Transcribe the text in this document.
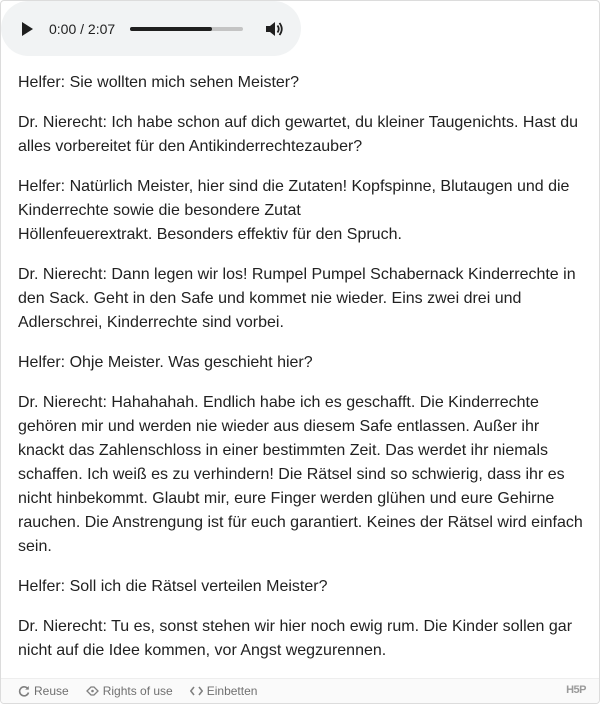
0:00 / 2:07

Helfer: Sie wollten mich sehen Meister?

Dr. Nierecht: Ich habe schon auf dich gewartet, du kleiner Taugenichts. Hast du alles vorbereitet für den Antikinderrechtezauber?

Helfer: Natürlich Meister, hier sind die Zutaten! Kopfspinne, Blutaugen und die Kinderrechte sowie die besondere Zutat
Höllenfeuerextrakt. Besonders effektiv für den Spruch.

Dr. Nierecht: Dann legen wir los! Rumpel Pumpel Schabernack Kinderrechte in den Sack. Geht in den Safe und kommet nie wieder. Eins zwei drei und Adlerschrei, Kinderrechte sind vorbei.

Helfer: Ohje Meister. Was geschieht hier?

Dr. Nierecht: Hahahahah. Endlich habe ich es geschafft. Die Kinderrechte gehören mir und werden nie wieder aus diesem Safe entlassen. Außer ihr knackt das Zahlenschloss in einer bestimmten Zeit. Das werdet ihr niemals schaffen. Ich weiß es zu verhindern! Die Rätsel sind so schwierig, dass ihr es nicht hinbekommt. Glaubt mir, eure Finger werden glühen und eure Gehirne rauchen. Die Anstrengung ist für euch garantiert. Keines der Rätsel wird einfach sein.

Helfer: Soll ich die Rätsel verteilen Meister?

Dr. Nierecht: Tu es, sonst stehen wir hier noch ewig rum. Die Kinder sollen gar nicht auf die Idee kommen, vor Angst wegzurennen.

Reuse	Rights of use	Einbetten	H5P
